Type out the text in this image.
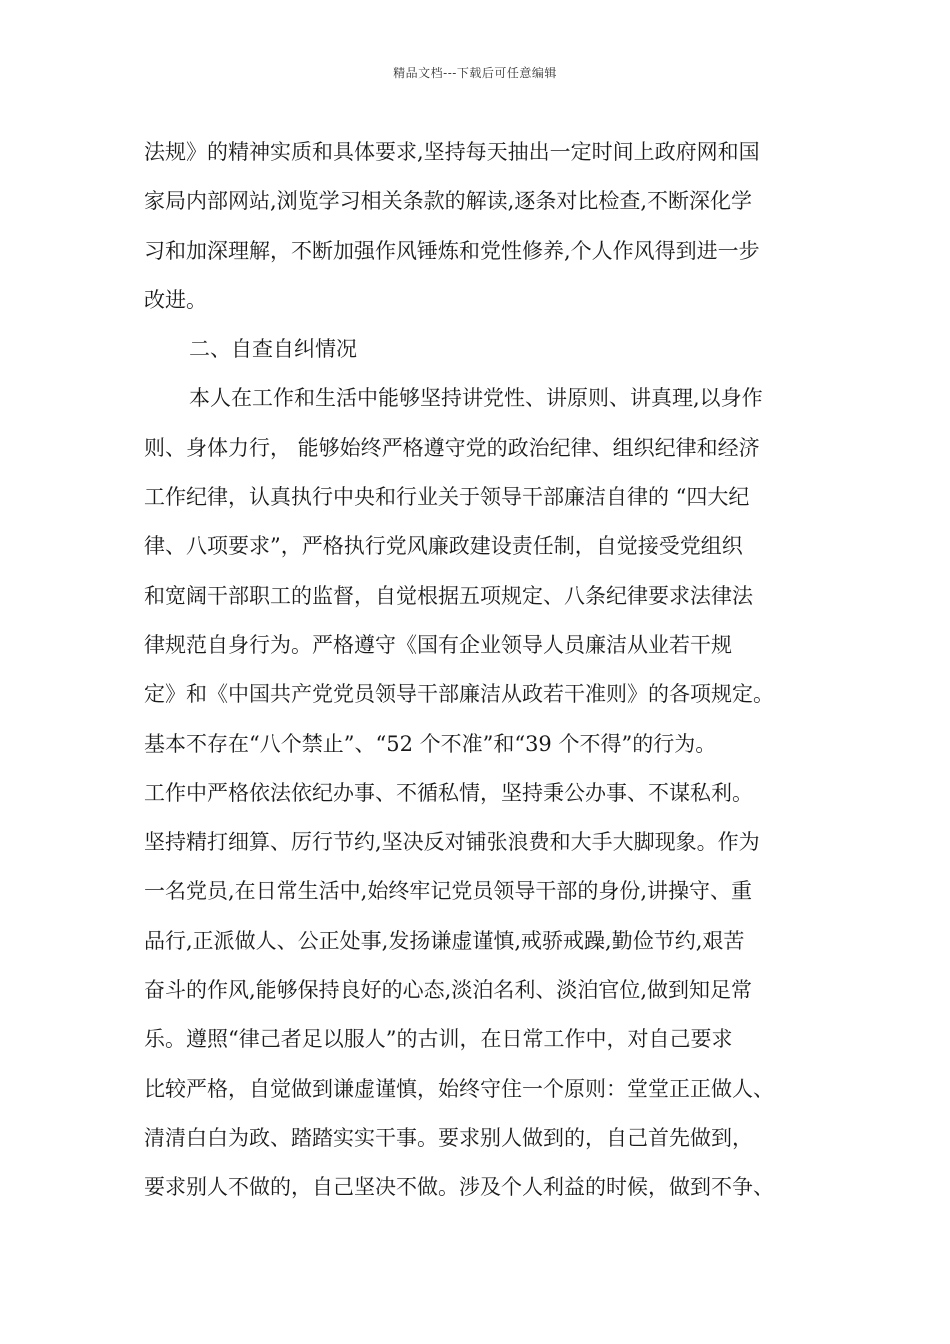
精品文档---下载后可任意编辑
法规》的精神实质和具体要求,坚持每天抽出一定时间上政府网和国
家局内部网站,浏览学习相关条款的解读,逐条对比检查,不断深化学
习和加深理解，不断加强作风锤炼和党性修养,个人作风得到进一步
改进。
二、自查自纠情况
本人在工作和生活中能够坚持讲党性、讲原则、讲真理,以身作
则、身体力行， 能够始终严格遵守党的政治纪律、组织纪律和经济
工作纪律，认真执行中央和行业关于领导干部廉洁自律的 “四大纪
律、八项要求”，严格执行党风廉政建设责任制，自觉接受党组织
和宽阔干部职工的监督，自觉根据五项规定、八条纪律要求法律法
律规范自身行为。严格遵守《国有企业领导人员廉洁从业若干规
定》和《中国共产党党员领导干部廉洁从政若干准则》的各项规定。
基本不存在“八个禁止”、“52 个不准”和“39 个不得”的行为。
工作中严格依法依纪办事、不循私情，坚持秉公办事、不谋私利。
坚持精打细算、厉行节约,坚决反对铺张浪费和大手大脚现象。作为
一名党员,在日常生活中,始终牢记党员领导干部的身份,讲操守、重
品行,正派做人、公正处事,发扬谦虚谨慎,戒骄戒躁,勤俭节约,艰苦
奋斗的作风,能够保持良好的心态,淡泊名利、淡泊官位,做到知足常
乐。遵照“律己者足以服人”的古训，在日常工作中，对自己要求
比较严格，自觉做到谦虚谨慎，始终守住一个原则：堂堂正正做人、
清清白白为政、踏踏实实干事。要求别人做到的，自己首先做到，
要求别人不做的，自己坚决不做。涉及个人利益的时候，做到不争、
